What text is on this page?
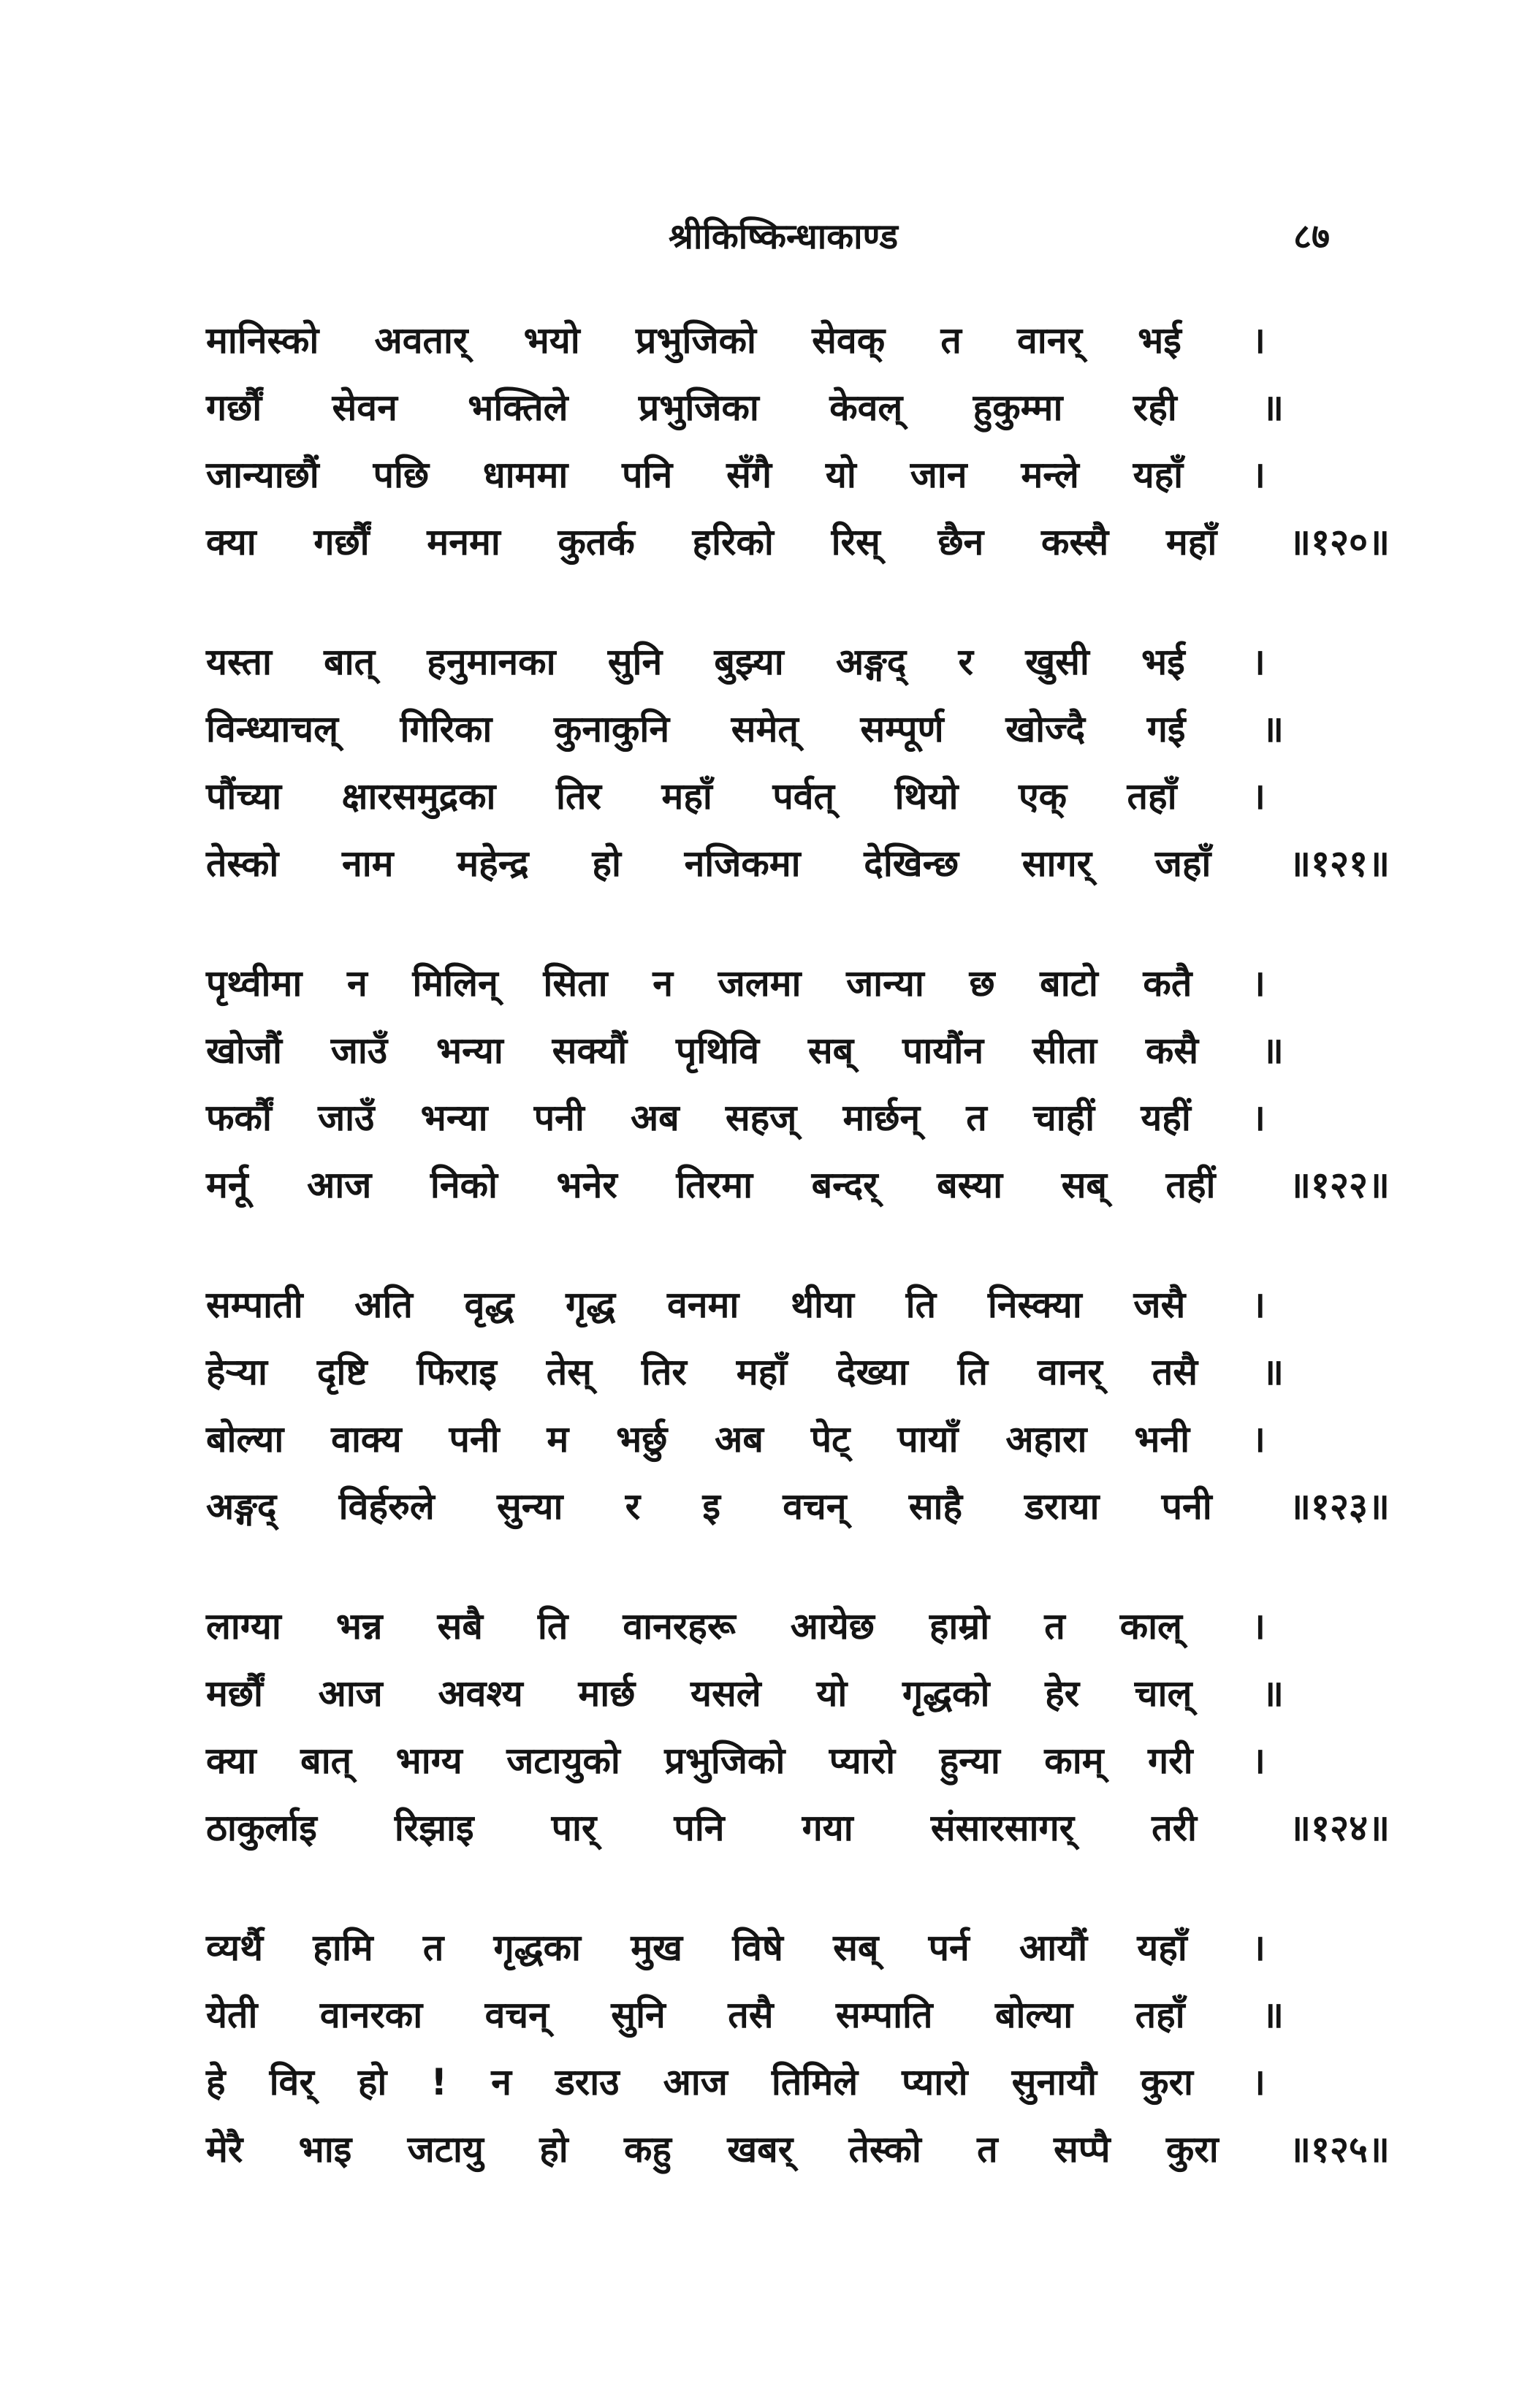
श्रीकिष्किन्धाकाण्ड	८७
मानिस्को अवतार् भयो प्रभुजिको सेवक् त वानर् भई ।
गर्छौं सेवन भक्तिले प्रभुजिका केवल् हुकुम्मा रही ॥
जान्याछौं पछि धाममा पनि सँगै यो जान मन्ले यहाँ ।
क्या गर्छौं मनमा कुतर्क हरिको रिस् छैन कस्सै महाँ ॥१२०॥
यस्ता बात् हनुमानका सुनि बुझ्या अङ्गद् र खुसी भई ।
विन्ध्याचल् गिरिका कुनाकुनि समेत् सम्पूर्ण खोज्दै गई ॥
पौंच्या क्षारसमुद्रका तिर महाँ पर्वत् थियो एक् तहाँ ।
तेस्को नाम महेन्द्र हो नजिकमा देखिन्छ सागर् जहाँ ॥१२१॥
पृथ्वीमा न मिलिन् सिता न जलमा जान्या छ बाटो कतै ।
खोजौं जाउँ भन्या सक्यौं पृथिवि सब् पायौंन सीता कसै ॥
फर्कौं जाउँ भन्या पनी अब सहज् मार्छन् त चाहीं यहीं ।
मर्नू आज निको भनेर तिरमा बन्दर् बस्या सब् तहीं ॥१२२॥
सम्पाती अति वृद्ध गृद्ध वनमा थीया ति निस्क्या जसै ।
हेऱ्या दृष्टि फिराइ तेस् तिर महाँ देख्या ति वानर् तसै ॥
बोल्या वाक्य पनी म भर्छु अब पेट् पायाँ अहारा भनी ।
अङ्गद् विर्हरुले सुन्या र इ वचन् साहै डराया पनी ॥१२३॥
लाग्या भन्न सबै ति वानरहरू आयेछ हाम्रो त काल् ।
मर्छौं आज अवश्य मार्छ यसले यो गृद्धको हेर चाल् ॥
क्या बात् भाग्य जटायुको प्रभुजिको प्यारो हुन्या काम् गरी ।
ठाकुर्लाइ रिझाइ पार् पनि गया संसारसागर् तरी	॥१२४॥
व्यर्थै हामि त गृद्धका मुख विषे सब् पर्न आयौं यहाँ ।
येती वानरका वचन् सुनि तसै सम्पाति बोल्या तहाँ ॥
हे विर् हो ! न डराउ आज तिमिले प्यारो सुनायौ कुरा ।
मेरै भाइ जटायु हो कहु खबर् तेस्को त सप्पै कुरा ॥१२५॥
